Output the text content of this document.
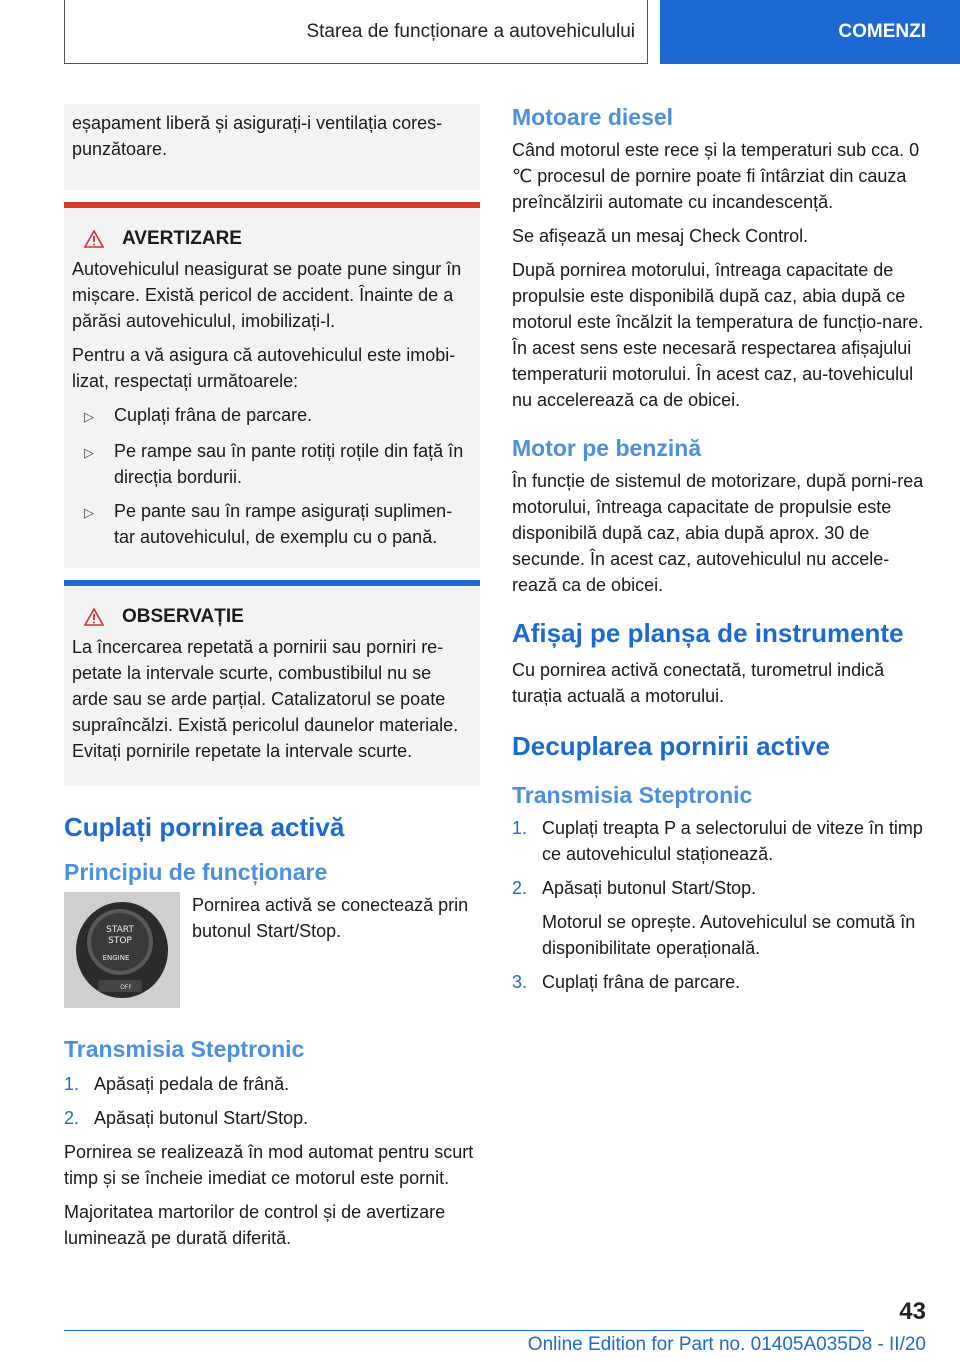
Starea de funcționare a autovehiculului	COMENZI

eșapament liberă și asigurați-i ventilația cores-punzătoare.

AVERTIZARE

Autovehiculul neasigurat se poate pune singur în mișcare. Există pericol de accident. Înainte de a părăsi autovehiculul, imobilizați-l.

Pentru a vă asigura că autovehiculul este imobi-lizat, respectați următoarele:

▷	Cuplați frâna de parcare.
▷	Pe rampe sau în pante rotiți roțile din față în direcția bordurii.
▷	Pe pante sau în rampe asigurați suplimen-tar autovehiculul, de exemplu cu o pană.
OBSERVAȚIE

La încercarea repetată a pornirii sau porniri re-petate la intervale scurte, combustibilul nu se arde sau se arde parțial. Catalizatorul se poate supraîncălzi. Există pericolul daunelor materiale. Evitați pornirile repetate la intervale scurte.

Cuplați pornirea activă
Principiu de funcționare
START
STOP
ENGINE
OFF

Pornirea activă se conectează prin butonul Start/Stop.

Transmisia Steptronic
1. Apăsați pedala de frână.
2. Apăsați butonul Start/Stop.

Pornirea se realizează în mod automat pentru scurt timp și se încheie imediat ce motorul este pornit.

Majoritatea martorilor de control și de avertizare luminează pe durată diferită.

Motoare diesel

Când motorul este rece și la temperaturi sub cca. 0 ℃ procesul de pornire poate fi întârziat din cauza preîncălzirii automate cu incandescență.

Se afișează un mesaj Check Control.

După pornirea motorului, întreaga capacitate de propulsie este disponibilă după caz, abia după ce motorul este încălzit la temperatura de funcțio-nare. În acest sens este necesară respectarea afișajului temperaturii motorului. În acest caz, au-tovehiculul nu accelerează ca de obicei.

Motor pe benzină

În funcție de sistemul de motorizare, după porni-rea motorului, întreaga capacitate de propulsie este disponibilă după caz, abia după aprox. 30 de secunde. În acest caz, autovehiculul nu accele-rează ca de obicei.

Afișaj pe planșa de instrumente

Cu pornirea activă conectată, turometrul indică turația actuală a motorului.

Decuplarea pornirii active
Transmisia Steptronic
1. Cuplați treapta P a selectorului de viteze în timp ce autovehiculul staționează.
2. Apăsați butonul Start/Stop.

Motorul se oprește. Autovehiculul se comută în disponibilitate operațională.

3. Cuplați frâna de parcare.
43
Online Edition for Part no. 01405A035D8 - II/20
